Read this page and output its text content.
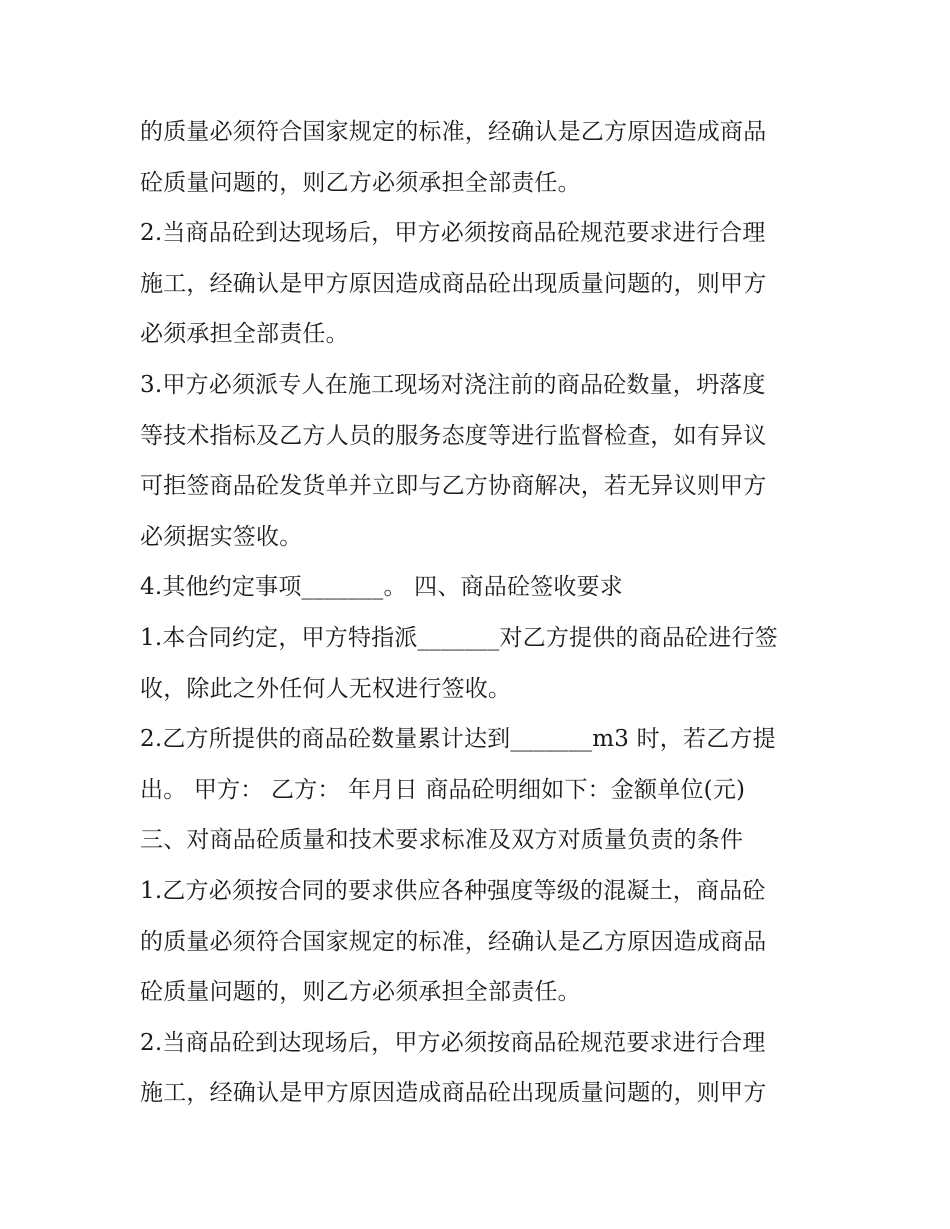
的质量必须符合国家规定的标准，经确认是乙方原因造成商品
砼质量问题的，则乙方必须承担全部责任。
2.当商品砼到达现场后，甲方必须按商品砼规范要求进行合理
施工，经确认是甲方原因造成商品砼出现质量问题的，则甲方
必须承担全部责任。
3.甲方必须派专人在施工现场对浇注前的商品砼数量，坍落度
等技术指标及乙方人员的服务态度等进行监督检查，如有异议
可拒签商品砼发货单并立即与乙方协商解决，若无异议则甲方
必须据实签收。
4.其他约定事项_______。 四、商品砼签收要求
1.本合同约定，甲方特指派_______对乙方提供的商品砼进行签
收，除此之外任何人无权进行签收。
2.乙方所提供的商品砼数量累计达到_______m3 时，若乙方提
出。 甲方： 乙方： 年月日 商品砼明细如下：金额单位(元)
三、对商品砼质量和技术要求标准及双方对质量负责的条件
1.乙方必须按合同的要求供应各种强度等级的混凝土，商品砼
的质量必须符合国家规定的标准，经确认是乙方原因造成商品
砼质量问题的，则乙方必须承担全部责任。
2.当商品砼到达现场后，甲方必须按商品砼规范要求进行合理
施工，经确认是甲方原因造成商品砼出现质量问题的，则甲方
